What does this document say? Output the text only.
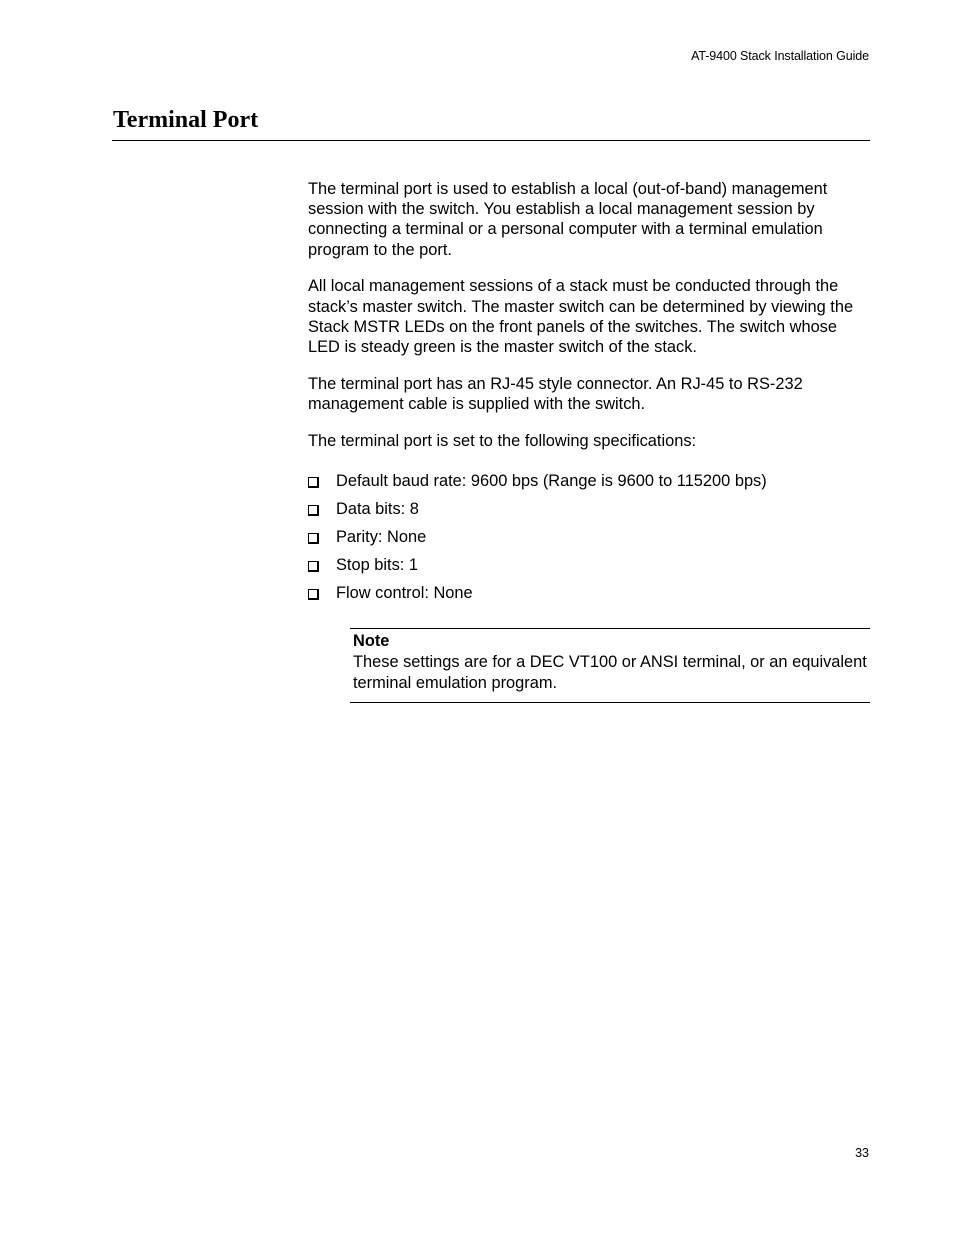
AT-9400 Stack Installation Guide
Terminal Port

The terminal port is used to establish a local (out-of-band) management session with the switch. You establish a local management session by connecting a terminal or a personal computer with a terminal emulation program to the port.

All local management sessions of a stack must be conducted through the stack’s master switch. The master switch can be determined by viewing the Stack MSTR LEDs on the front panels of the switches. The switch whose LED is steady green is the master switch of the stack.

The terminal port has an RJ-45 style connector. An RJ-45 to RS-232 management cable is supplied with the switch.

The terminal port is set to the following specifications:

Default baud rate: 9600 bps (Range is 9600 to 115200 bps)
Data bits: 8
Parity: None
Stop bits: 1
Flow control: None
Note
These settings are for a DEC VT100 or ANSI terminal, or an equivalent terminal emulation program.
33
